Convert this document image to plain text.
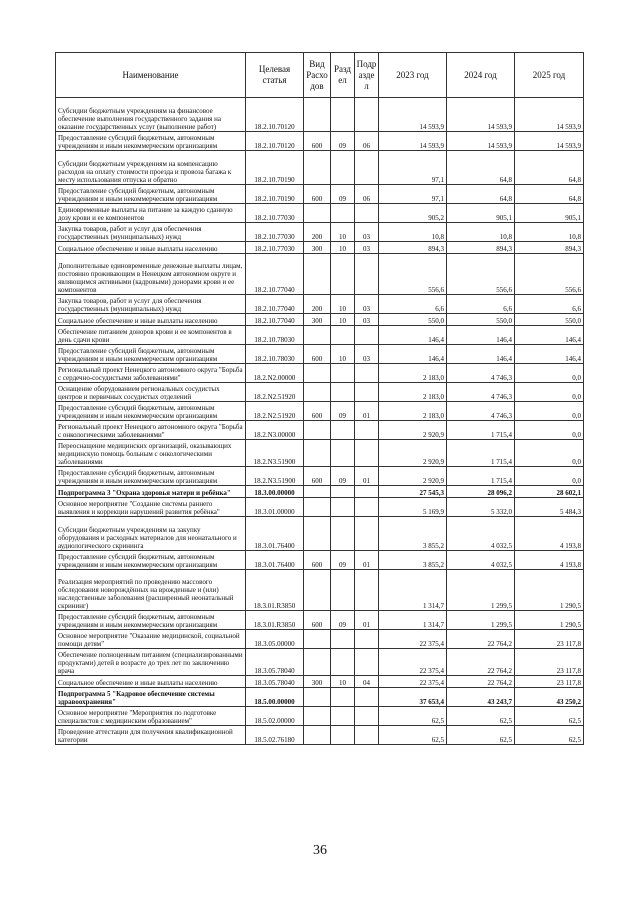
Наименование	Целевая статья	Вид Расхо дов	Разд ел	Подр азде л	2023 год	2024 год	2025 год
Субсидии бюджетным учреждениям на финансовое обеспечение выполнения государственного задания на оказание государственных услуг (выполнение работ)	18.2.10.70120				14 593,9	14 593,9	14 593,9
Предоставление субсидий бюджетным, автономным учреждениям и иным некоммерческим организациям	18.2.10.70120	600	09	06	14 593,9	14 593,9	14 593,9
Субсидии бюджетным учреждениям на компенсацию расходов на оплату стоимости проезда и провоза багажа к месту использования отпуска и обратно	18.2.10.70190				97,1	64,8	64,8
Предоставление субсидий бюджетным, автономным учреждениям и иным некоммерческим организациям	18.2.10.70190	600	09	06	97,1	64,8	64,8
Единовременные выплаты на питание за каждую сданную дозу крови и ее компонентов	18.2.10.77030				905,2	905,1	905,1
Закупка товаров, работ и услуг для обеспечения государственных (муниципальных) нужд	18.2.10.77030	200	10	03	10,8	10,8	10,8
Социальное обеспечение и иные выплаты населению	18.2.10.77030	300	10	03	894,3	894,3	894,3
Дополнительные единовременные денежные выплаты лицам, постоянно проживающим в Ненецком автономном округе и являющимся активными (кадровыми) донорами крови и ее компонентов	18.2.10.77040				556,6	556,6	556,6
Закупка товаров, работ и услуг для обеспечения государственных (муниципальных) нужд	18.2.10.77040	200	10	03	6,6	6,6	6,6
Социальное обеспечение и иные выплаты населению	18.2.10.77040	300	10	03	550,0	550,0	550,0
Обеспечение питанием доноров крови и ее компонентов в день сдачи крови	18.2.10.78030				146,4	146,4	146,4
Предоставление субсидий бюджетным, автономным учреждениям и иным некоммерческим организациям	18.2.10.78030	600	10	03	146,4	146,4	146,4
Региональный проект Ненецкого автономного округа "Борьба с сердечно-сосудистыми заболеваниями"	18.2.N2.00000				2 183,0	4 746,3	0,0
Оснащение оборудованием региональных сосудистых центров и первичных сосудистых отделений	18.2.N2.51920				2 183,0	4 746,3	0,0
Предоставление субсидий бюджетным, автономным учреждениям и иным некоммерческим организациям	18.2.N2.51920	600	09	01	2 183,0	4 746,3	0,0
Региональный проект Ненецкого автономного округа "Борьба с онкологическими заболеваниями"	18.2.N3.00000				2 920,9	1 715,4	0,0
Переоснащение медицинских организаций, оказывающих медицинскую помощь больным с онкологическими заболеваниями	18.2.N3.51900				2 920,9	1 715,4	0,0
Предоставление субсидий бюджетным, автономным учреждениям и иным некоммерческим организациям	18.2.N3.51900	600	09	01	2 920,9	1 715,4	0,0
Подпрограмма 3 "Охрана здоровья матери и ребёнка"	18.3.00.00000				27 545,3	28 096,2	28 602,1
Основное мероприятие "Создание системы раннего выявления и коррекции нарушений развития ребёнка"	18.3.01.00000				5 169,9	5 332,0	5 484,3
Субсидии бюджетным учреждениям на закупку оборудования и расходных материалов для неонатального и аудиологического скрининга	18.3.01.76400				3 855,2	4 032,5	4 193,8
Предоставление субсидий бюджетным, автономным учреждениям и иным некоммерческим организациям	18.3.01.76400	600	09	01	3 855,2	4 032,5	4 193,8
Реализация мероприятий по проведению массового обследования новорождённых на врожденные и (или) наследственные заболевания (расширенный неонатальный скрининг)	18.3.01.R3850				1 314,7	1 299,5	1 290,5
Предоставление субсидий бюджетным, автономным учреждениям и иным некоммерческим организациям	18.3.01.R3850	600	09	01	1 314,7	1 299,5	1 290,5
Основное мероприятие "Оказание медицинской, социальной помощи детям"	18.3.05.00000				22 375,4	22 764,2	23 117,8
Обеспечение полноценным питанием (специализированными продуктами) детей в возрасте до трех лет по заключению врача	18.3.05.78040				22 375,4	22 764,2	23 117,8
Социальное обеспечение и иные выплаты населению	18.3.05.78040	300	10	04	22 375,4	22 764,2	23 117,8
Подпрограмма 5 "Кадровое обеспечение системы здравоохранения"	18.5.00.00000				37 653,4	43 243,7	43 250,2
Основное мероприятие "Мероприятия по подготовке специалистов с медицинским образованием"	18.5.02.00000				62,5	62,5	62,5
Проведение аттестации для получения квалификационной категории	18.5.02.76180				62,5	62,5	62,5
36
